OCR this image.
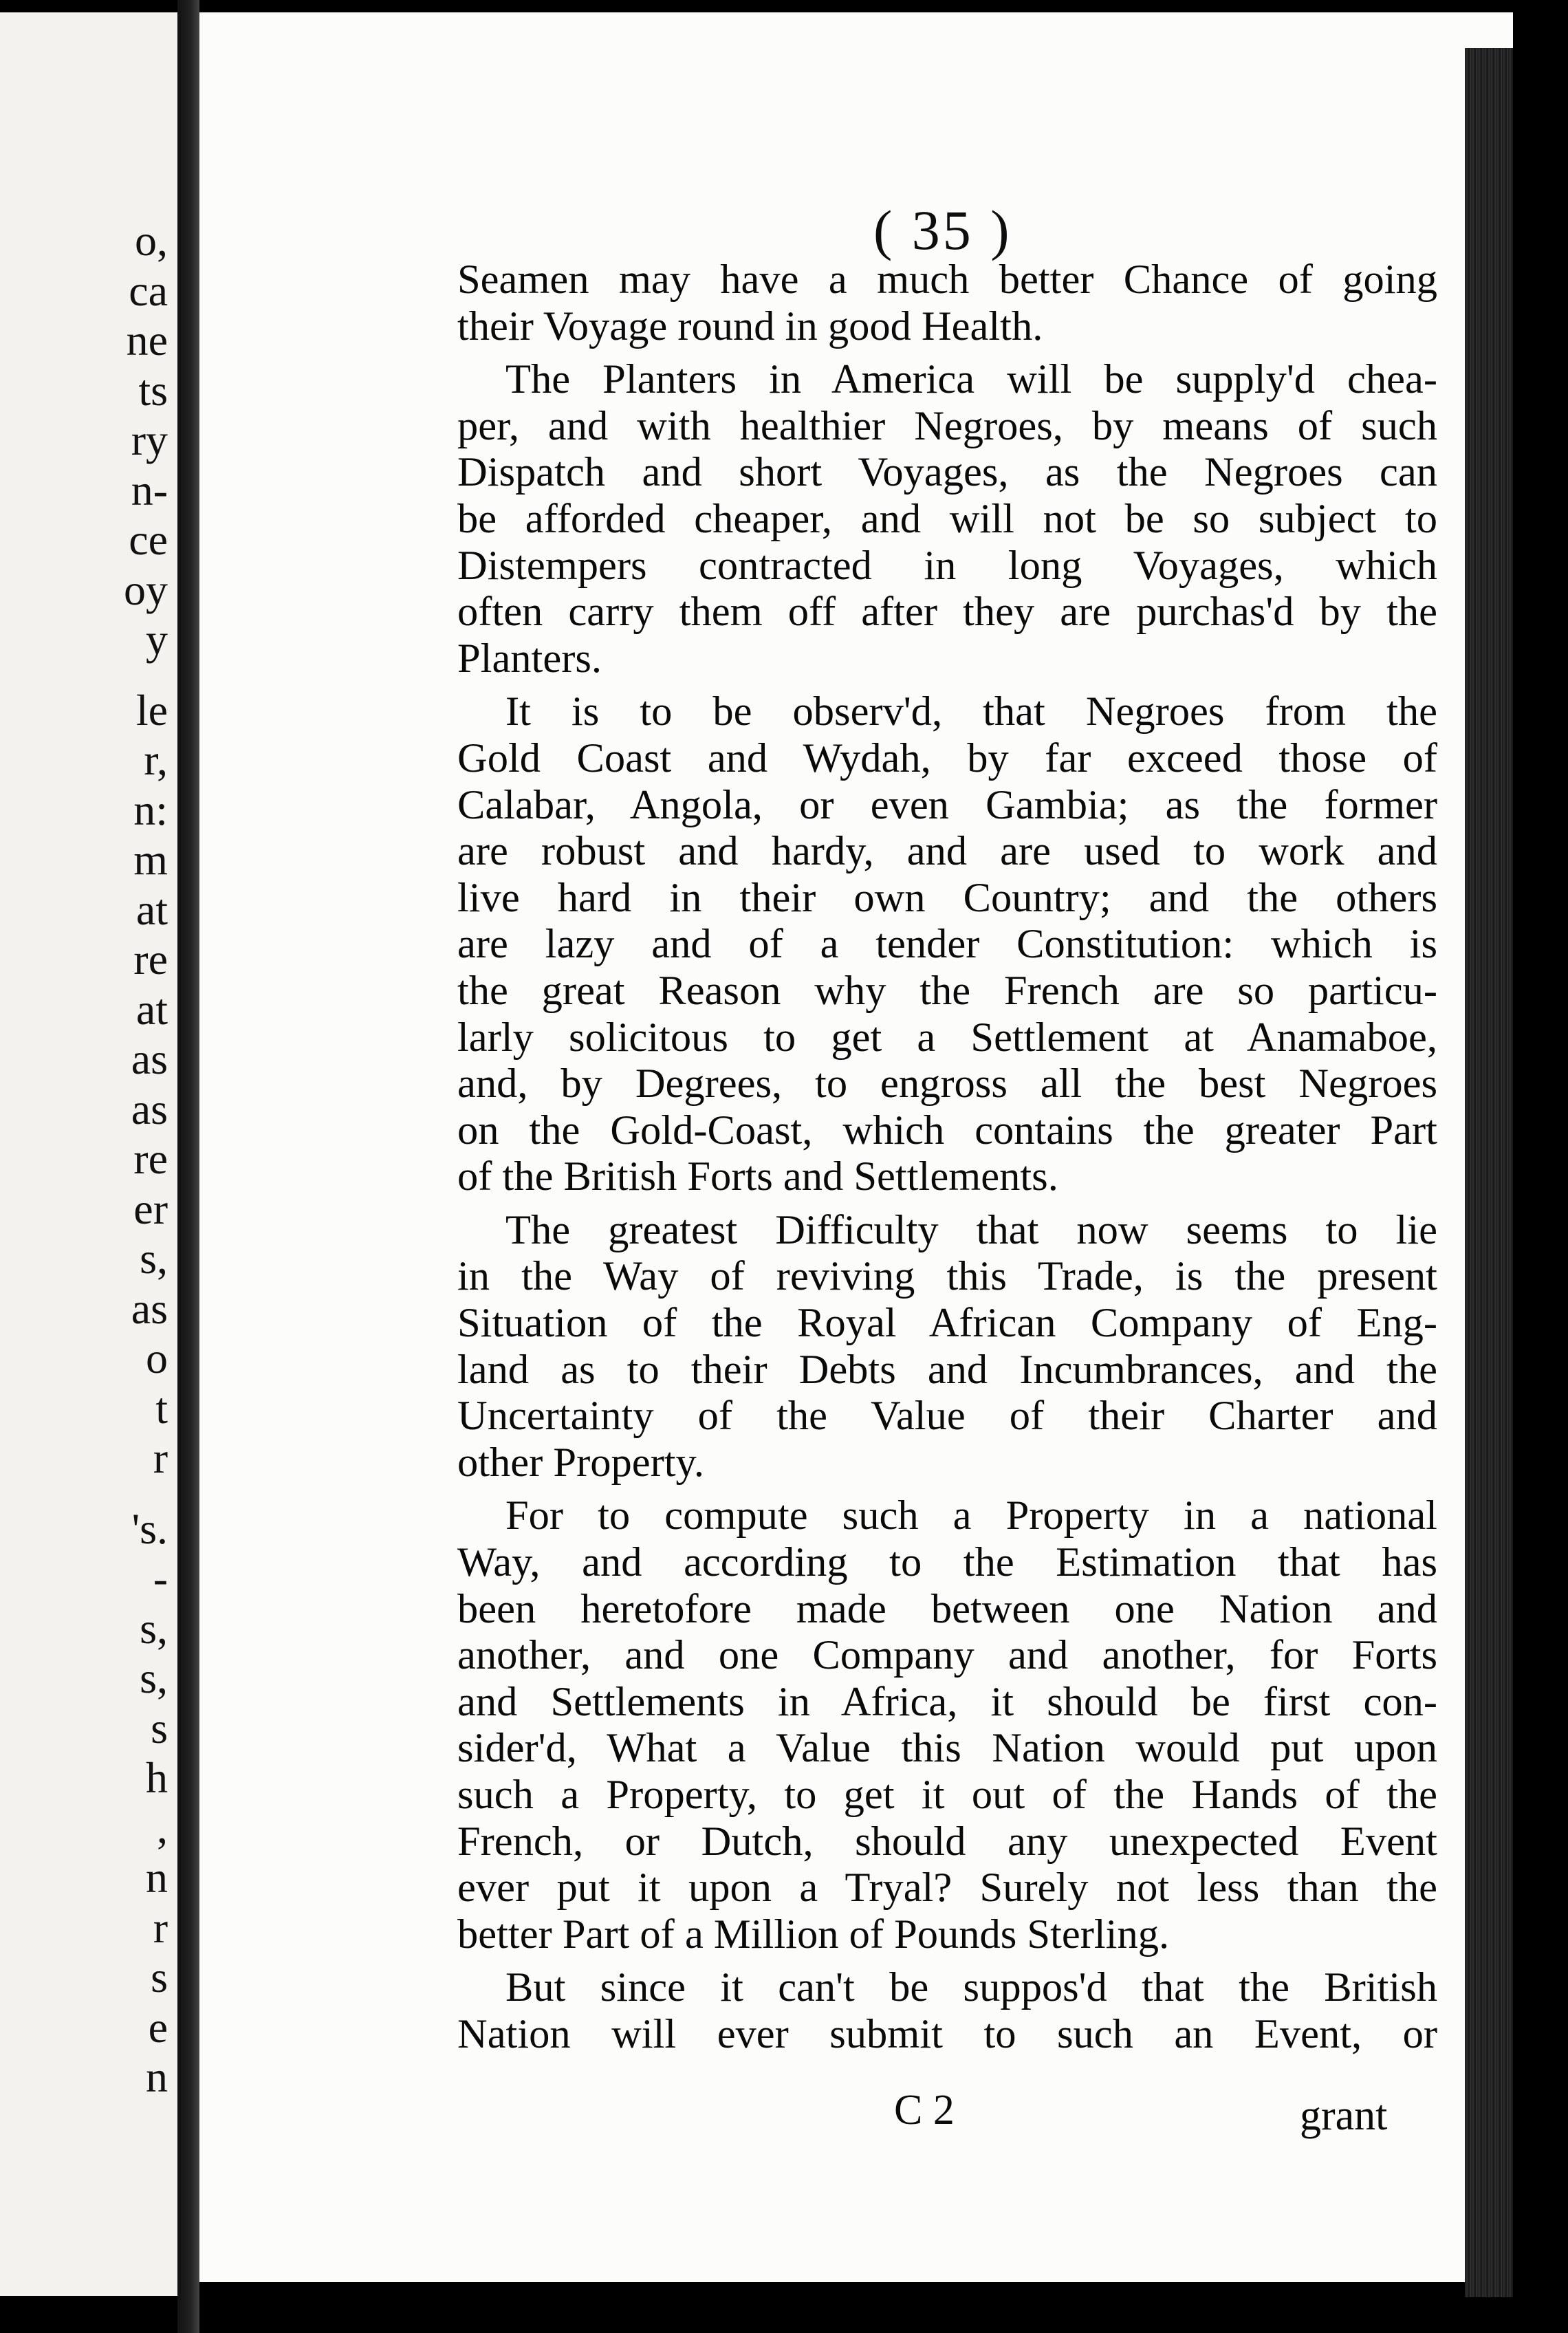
o,
ca
ne
ts
ry
n-
ce
oy
y
le
r,
n:
m
at
re
at
as
as
re
er
s,
as
o
t
r
's.
-
s,
s,
s
h
,
n
r
s
e
n
( 35 )
Seamen may have a much better Chance of going
their Voyage round in good Health.
The Planters in America will be supply'd chea-
per, and with healthier Negroes, by means of such
Dispatch and short Voyages, as the Negroes can
be afforded cheaper, and will not be so subject to
Distempers contracted in long Voyages, which
often carry them off after they are purchas'd by the
Planters.
It is to be observ'd, that Negroes from the
Gold Coast and Wydah, by far exceed those of
Calabar, Angola, or even Gambia; as the former
are robust and hardy, and are used to work and
live hard in their own Country; and the others
are lazy and of a tender Constitution: which is
the great Reason why the French are so particu-
larly solicitous to get a Settlement at Anamaboe,
and, by Degrees, to engross all the best Negroes
on the Gold-Coast, which contains the greater Part
of the British Forts and Settlements.
The greatest Difficulty that now seems to lie
in the Way of reviving this Trade, is the present
Situation of the Royal African Company of Eng-
land as to their Debts and Incumbrances, and the
Uncertainty of the Value of their Charter and
other Property.
For to compute such a Property in a national
Way, and according to the Estimation that has
been heretofore made between one Nation and
another, and one Company and another, for Forts
and Settlements in Africa, it should be first con-
sider'd, What a Value this Nation would put upon
such a Property, to get it out of the Hands of the
French, or Dutch, should any unexpected Event
ever put it upon a Tryal? Surely not less than the
better Part of a Million of Pounds Sterling.
But since it can't be suppos'd that the British
Nation will ever submit to such an Event, or
C 2	grant
